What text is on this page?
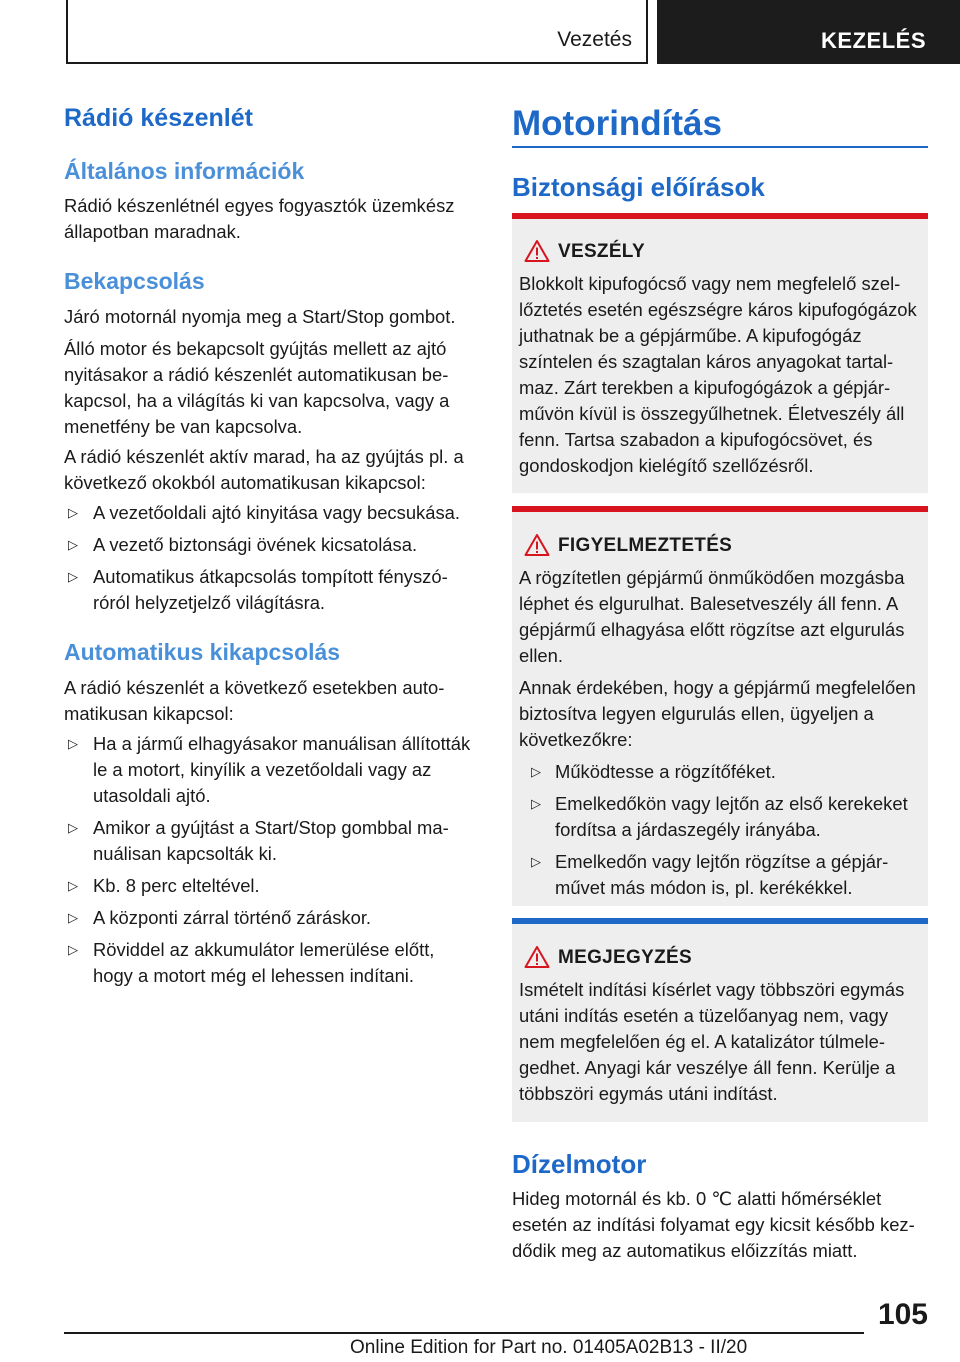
Vezetés	KEZELÉS
Rádió készenlét
Általános információk

Rádió készenlétnél egyes fogyasztók üzemkész állapotban maradnak.

Bekapcsolás

Járó motornál nyomja meg a Start/Stop gombot.

Álló motor és bekapcsolt gyújtás mellett az ajtó nyitásakor a rádió készenlét automatikusan bekapcsol, ha a világítás ki van kapcsolva, vagy a menetfény be van kapcsolva.

A rádió készenlét aktív marad, ha az gyújtás pl. a következő okokból automatikusan kikapcsol:

▷ A vezetőoldali ajtó kinyitása vagy becsukása.
▷ A vezető biztonsági övének kicsatolása.
▷ Automatikus átkapcsolás tompított fényszóróról helyzetjelző világításra.
Automatikus kikapcsolás

A rádió készenlét a következő esetekben automatikusan kikapcsol:

▷ Ha a jármű elhagyásakor manuálisan állították le a motort, kinyílik a vezetőoldali vagy az utasoldali ajtó.
▷ Amikor a gyújtást a Start/Stop gombbal manuálisan kapcsolták ki.
▷ Kb. 8 perc elteltével.
▷ A központi zárral történő záráskor.
▷ Röviddel az akkumulátor lemerülése előtt, hogy a motort még el lehessen indítani.
Motorindítás
Biztonsági előírások
VESZÉLY

Blokkolt kipufogócső vagy nem megfelelő szellőztetés esetén egészségre káros kipufogógázok juthatnak be a gépjárműbe. A kipufogógáz színtelen és szagtalan káros anyagokat tartalmaz. Zárt terekben a kipufogógázok a gépjárművön kívül is összegyűlhetnek. Életveszély áll fenn. Tartsa szabadon a kipufogócsövet, és gondoskodjon kielégítő szellőzésről.

FIGYELMEZTETÉS

A rögzítetlen gépjármű önműködően mozgásba léphet és elgurulhat. Balesetveszély áll fenn. A gépjármű elhagyása előtt rögzítse azt elgurulás ellen.

Annak érdekében, hogy a gépjármű megfelelően biztosítva legyen elgurulás ellen, ügyeljen a következőkre:

▷ Működtesse a rögzítőféket.
▷ Emelkedőkön vagy lejtőn az első kerekeket fordítsa a járdaszegély irányába.
▷ Emelkedőn vagy lejtőn rögzítse a gépjárművet más módon is, pl. kerékékkel.
MEGJEGYZÉS

Ismételt indítási kísérlet vagy többszöri egymás utáni indítás esetén a tüzelőanyag nem, vagy nem megfelelően ég el. A katalizátor túlmelegedhet. Anyagi kár veszélye áll fenn. Kerülje a többszöri egymás utáni indítást.

Dízelmotor

Hideg motornál és kb. 0 ℃ alatti hőmérséklet esetén az indítási folyamat egy kicsit később kezdődik meg az automatikus előizzítás miatt.

105
Online Edition for Part no. 01405A02B13 - II/20
